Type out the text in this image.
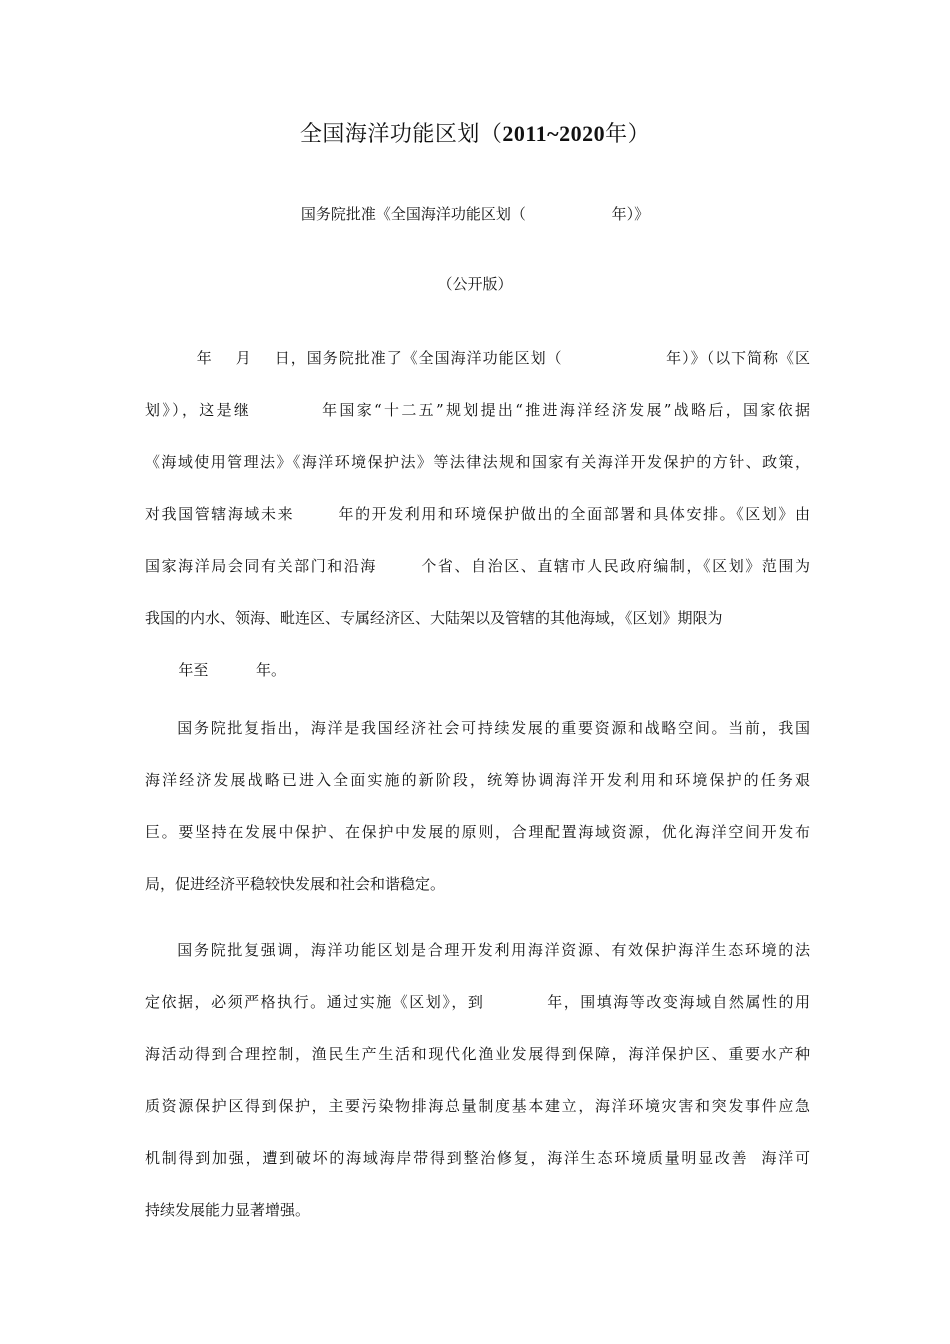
全国海洋功能区划（2011~2020年）
国务院批准《全国海洋功能区划（                  年）》
（公开版）
年    月    日，国务院批准了《全国海洋功能区划（                  年）》（以下简称《区
划》），这是继          年国家“十二五”规划提出“推进海洋经济发展”战略后，国家依据
《海域使用管理法》《海洋环境保护法》等法律法规和国家有关海洋开发保护的方针、政策，
对我国管辖海域未来       年的开发利用和环境保护做出的全面部署和具体安排。《区划》由
国家海洋局会同有关部门和沿海       个省、自治区、直辖市人民政府编制，《区划》范围为
我国的内水、领海、毗连区、专属经济区、大陆架以及管辖的其他海域，《区划》期限为
年至          年。
国务院批复指出，海洋是我国经济社会可持续发展的重要资源和战略空间。当前，我国
海洋经济发展战略已进入全面实施的新阶段，统筹协调海洋开发利用和环境保护的任务艰
巨。要坚持在发展中保护、在保护中发展的原则，合理配置海域资源，优化海洋空间开发布
局，促进经济平稳较快发展和社会和谐稳定。
国务院批复强调，海洋功能区划是合理开发利用海洋资源、有效保护海洋生态环境的法
定依据，必须严格执行。通过实施《区划》，到          年，围填海等改变海域自然属性的用
海活动得到合理控制，渔民生产生活和现代化渔业发展得到保障，海洋保护区、重要水产种
质资源保护区得到保护，主要污染物排海总量制度基本建立，海洋环境灾害和突发事件应急
机制得到加强，遭到破坏的海域海岸带得到整治修复，海洋生态环境质量明显改善  海洋可
持续发展能力显著增强。
